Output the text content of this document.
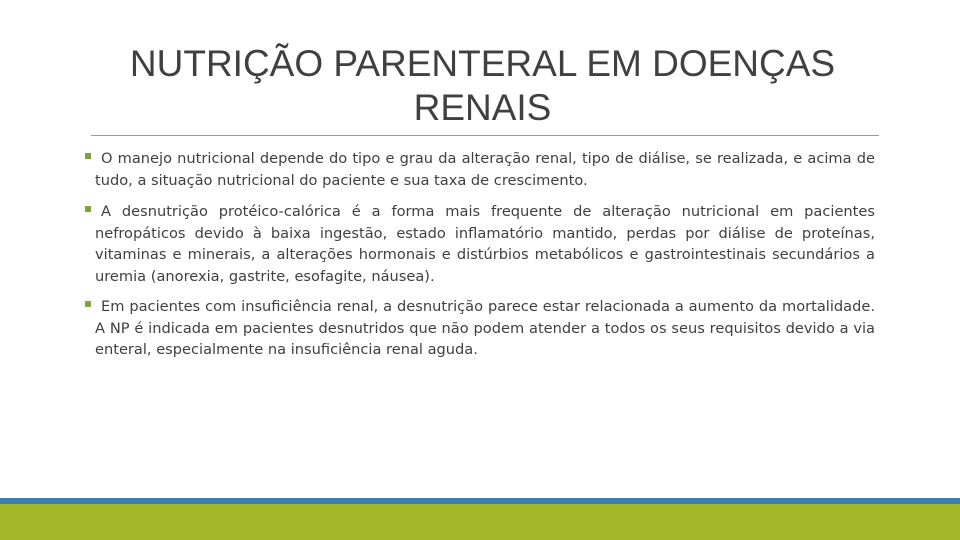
NUTRIÇÃO PARENTERAL EM DOENÇAS
RENAIS

O manejo nutricional depende do tipo e grau da alteração renal, tipo de diálise, se realizada, e acima de tudo, a situação nutricional do paciente e sua taxa de crescimento.

A desnutrição protéico-calórica é a forma mais frequente de alteração nutricional em pacientes nefropáticos devido à baixa ingestão, estado inflamatório mantido, perdas por diálise de proteínas, vitaminas e minerais, a alterações hormonais e distúrbios metabólicos e gastrointestinais secundários a uremia (anorexia, gastrite, esofagite, náusea).

Em pacientes com insuficiência renal, a desnutrição parece estar relacionada a aumento da mortalidade. A NP é indicada em pacientes desnutridos que não podem atender a todos os seus requisitos devido a via enteral, especialmente na insuficiência renal aguda.
